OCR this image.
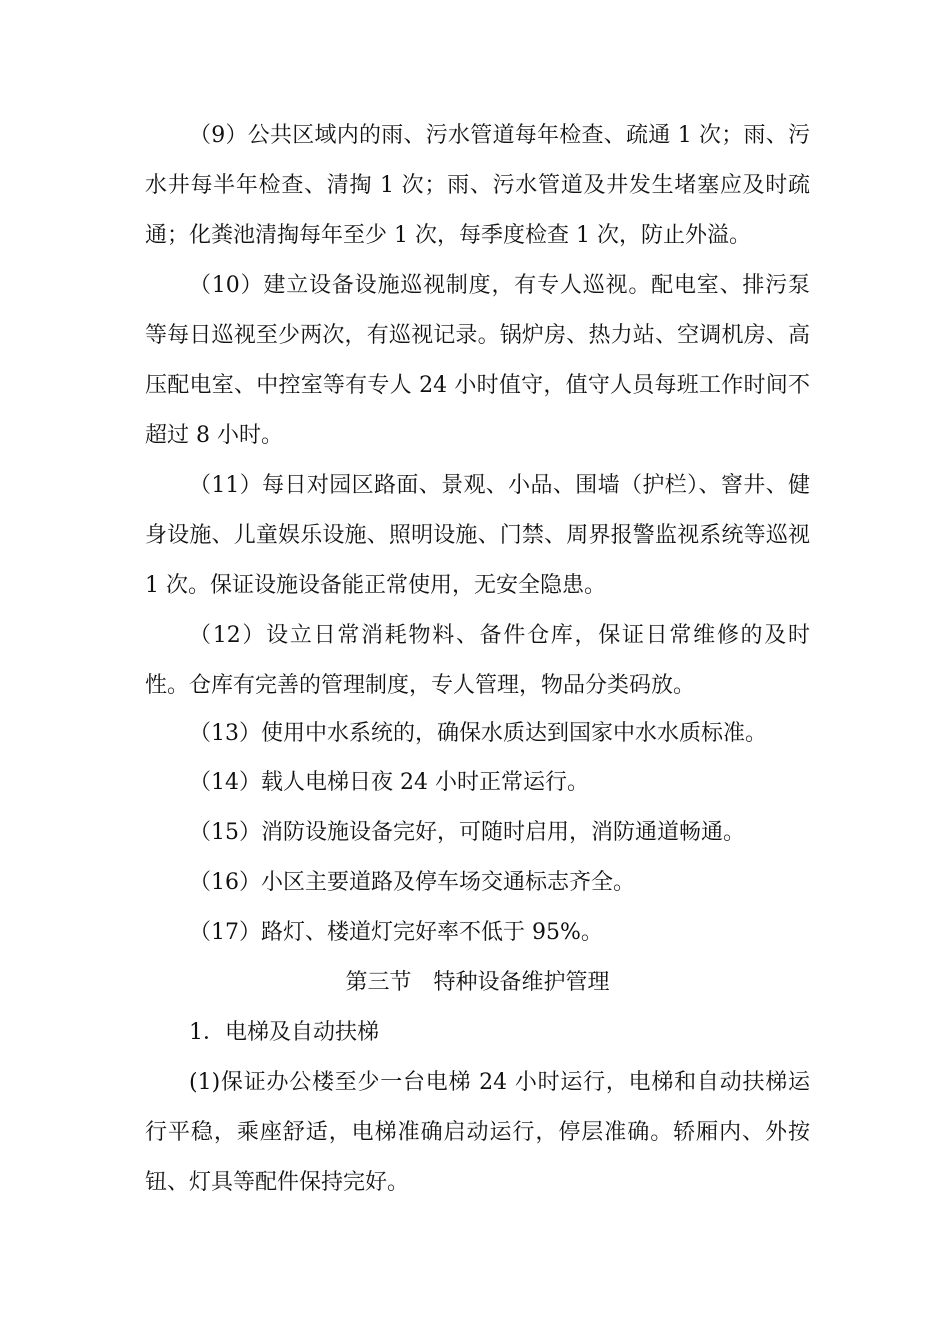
（9）公共区域内的雨、污水管道每年检查、疏通 1 次；雨、污水井每半年检查、清掏 1 次；雨、污水管道及井发生堵塞应及时疏通；化粪池清掏每年至少 1 次，每季度检查 1 次，防止外溢。

（10）建立设备设施巡视制度，有专人巡视。配电室、排污泵等每日巡视至少两次，有巡视记录。锅炉房、热力站、空调机房、高压配电室、中控室等有专人 24 小时值守，值守人员每班工作时间不超过 8 小时。

（11）每日对园区路面、景观、小品、围墙（护栏）、窨井、健身设施、儿童娱乐设施、照明设施、门禁、周界报警监视系统等巡视 1 次。保证设施设备能正常使用，无安全隐患。

（12）设立日常消耗物料、备件仓库，保证日常维修的及时性。仓库有完善的管理制度，专人管理，物品分类码放。

（13）使用中水系统的，确保水质达到国家中水水质标准。

（14）载人电梯日夜 24 小时正常运行。

（15）消防设施设备完好，可随时启用，消防通道畅通。

（16）小区主要道路及停车场交通标志齐全。

（17）路灯、楼道灯完好率不低于 95%。

第三节　特种设备维护管理

1．电梯及自动扶梯

(1)保证办公楼至少一台电梯 24 小时运行，电梯和自动扶梯运行平稳，乘座舒适，电梯准确启动运行，停层准确。轿厢内、外按钮、灯具等配件保持完好。
